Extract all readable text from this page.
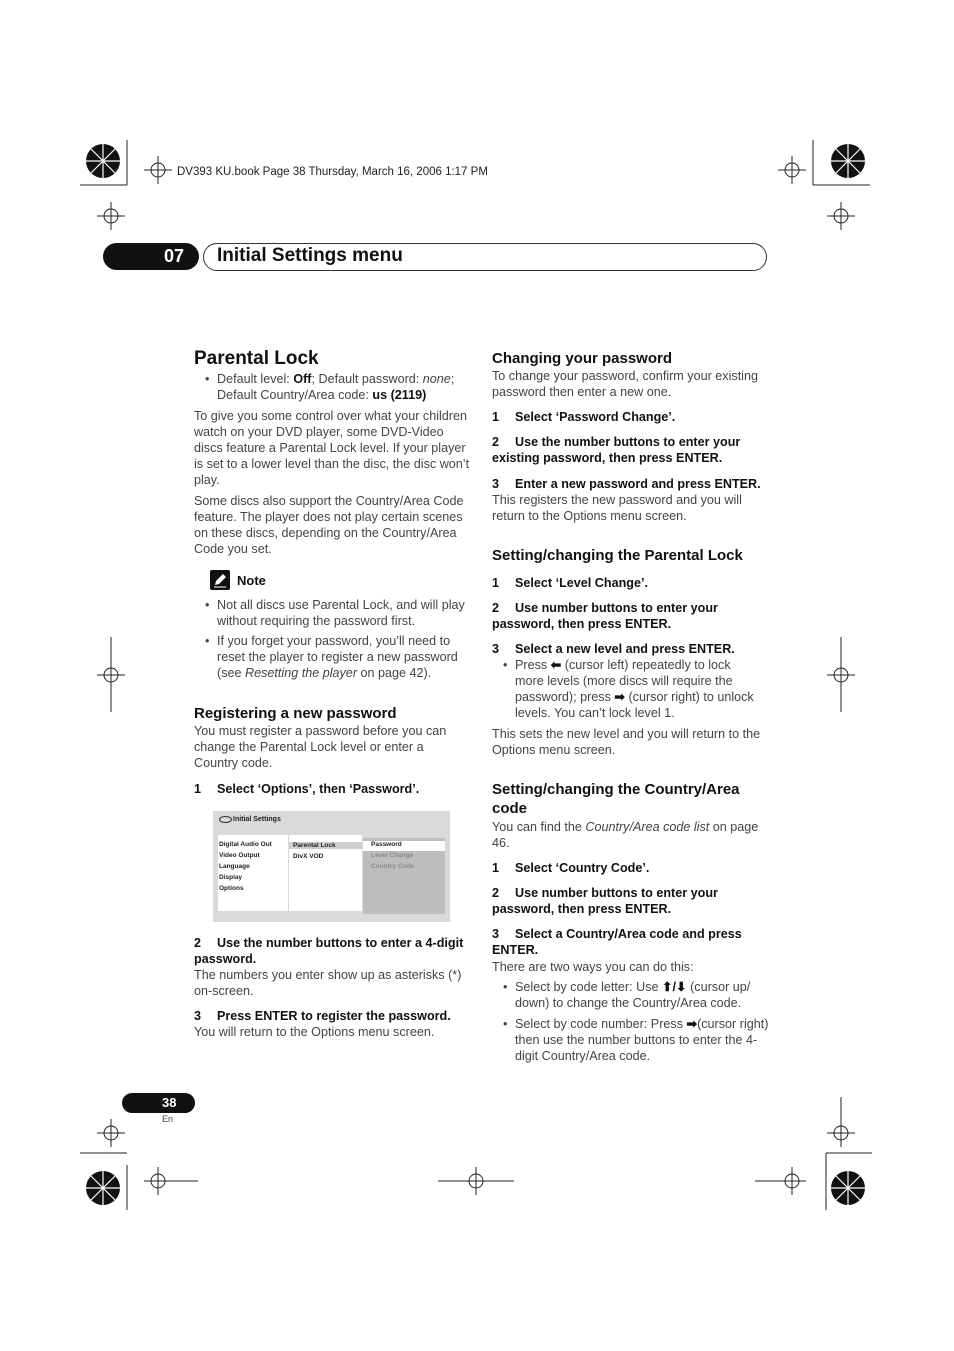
DV393 KU.book Page 38 Thursday, March 16, 2006 1:17 PM
07 Initial Settings menu
Parental Lock
• Default level: Off; Default password: none;
Default Country/Area code: us (2119)
To give you some control over what your children watch on your DVD player, some DVD-Video discs feature a Parental Lock level. If your player is set to a lower level than the disc, the disc won’t play.
Some discs also support the Country/Area Code feature. The player does not play certain scenes on these discs, depending on the Country/Area Code you set.
Note
• Not all discs use Parental Lock, and will play without requiring the password first.
• If you forget your password, you’ll need to reset the player to register a new password (see Resetting the player on page 42).
Registering a new password
You must register a password before you can change the Parental Lock level or enter a Country code.
1 Select ‘Options’, then ‘Password’.
Initial Settings
Digital Audio Out
Video Output
Language
Display
Options
Parental Lock
DivX VOD
Password
Level Change
Country Code
2 Use the number buttons to enter a 4-digit password.
The numbers you enter show up as asterisks (*) on-screen.
3 Press ENTER to register the password.
You will return to the Options menu screen.
Changing your password
To change your password, confirm your existing password then enter a new one.
1 Select ‘Password Change’.
2 Use the number buttons to enter your existing password, then press ENTER.
3 Enter a new password and press ENTER.
This registers the new password and you will return to the Options menu screen.
Setting/changing the Parental Lock
1 Select ‘Level Change’.
2 Use number buttons to enter your password, then press ENTER.
3 Select a new level and press ENTER.
• Press ⬅ (cursor left) repeatedly to lock more levels (more discs will require the password); press ➡ (cursor right) to unlock levels. You can’t lock level 1.
This sets the new level and you will return to the Options menu screen.
Setting/changing the Country/Area code
You can find the Country/Area code list on page 46.
1 Select ‘Country Code’.
2 Use number buttons to enter your password, then press ENTER.
3 Select a Country/Area code and press ENTER.
There are two ways you can do this:
• Select by code letter: Use ⬆/⬇ (cursor up/ down) to change the Country/Area code.
• Select by code number: Press ➡(cursor right) then use the number buttons to enter the 4-digit Country/Area code.
38
En
